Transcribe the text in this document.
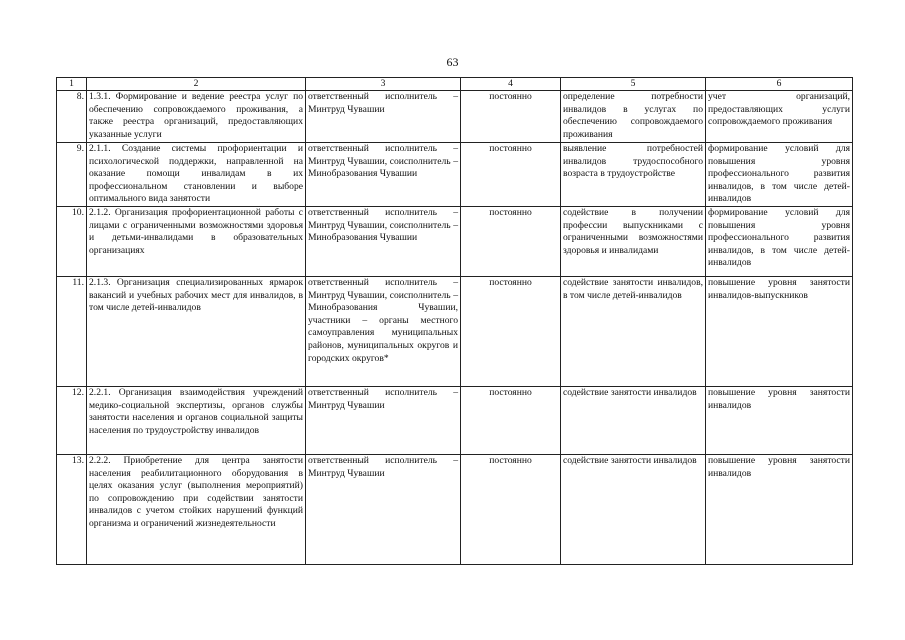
63
1	2	3	4	5	6
8.	1.3.1. Формирование и ведение реестра услуг по обеспечению сопровождаемого проживания, а также реестра организаций, предоставляющих указанные услуги	ответственный исполнитель – Минтруд Чувашии	постоянно	определение потребности инвалидов в услугах по обеспечению сопровождаемого проживания	учет организаций, предоставляющих услуги сопровождаемого проживания
9.	2.1.1. Создание системы профориентации и психологической поддержки, направленной на оказание помощи инвалидам в их профессиональном становлении и выборе оптимального вида занятости	ответственный исполнитель – Минтруд Чувашии, соисполнитель – Минобразования Чувашии	постоянно	выявление потребностей инвалидов трудоспособного возраста в трудоустройстве	формирование условий для повышения уровня профессионального развития инвалидов, в том числе детей-инвалидов
10.	2.1.2. Организация профориентационной работы с лицами с ограниченными возможностями здоровья и детьми-инвалидами в образовательных организациях	ответственный исполнитель – Минтруд Чувашии, соисполнитель – Минобразования Чувашии	постоянно	содействие в получении профессии выпускниками с ограниченными возможностями здоровья и инвалидами	формирование условий для повышения уровня профессионального развития инвалидов, в том числе детей-инвалидов
11.	2.1.3. Организация специализированных ярмарок вакансий и учебных рабочих мест для инвалидов, в том числе детей-инвалидов	ответственный исполнитель – Минтруд Чувашии, соисполнитель – Минобразования Чувашии, участники – органы местного самоуправления муниципальных районов, муниципальных округов и городских округов*	постоянно	содействие занятости инвалидов, в том числе детей-инвалидов	повышение уровня занятости инвалидов-выпускников
12.	2.2.1. Организация взаимодействия учреждений медико-социальной экспертизы, органов службы занятости населения и органов социальной защиты населения по трудоустройству инвалидов	ответственный исполнитель – Минтруд Чувашии	постоянно	содействие занятости инвалидов	повышение уровня занятости инвалидов
13.	2.2.2. Приобретение для центра занятости населения реабилитационного оборудования в целях оказания услуг (выполнения мероприятий) по сопровождению при содействии занятости инвалидов с учетом стойких нарушений функций организма и ограничений жизнедеятельности	ответственный исполнитель – Минтруд Чувашии	постоянно	содействие занятости инвалидов	повышение уровня занятости инвалидов
